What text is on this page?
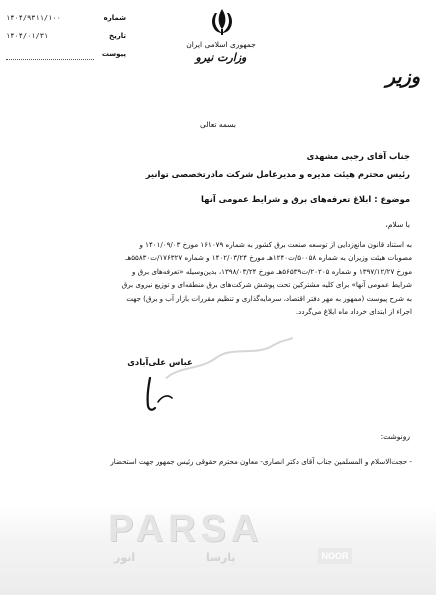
۱۴۰۴/۹۳۱۱/۱۰۰	شماره
۱۴۰۴/۰۱/۳۱	تاریخ
پیوست
جمهوری اسلامی ایران
وزارت نیرو
وزیر
بسمه تعالی
جناب آقای رجبی مشهدی
رئیس محترم هیئت مدیره و مدیرعامل شرکت مادرتخصصی توانیر
موضوع : ابلاغ تعرفه‌های برق و شرایط عمومی آنها
با سلام،
به استناد قانون مانع‌زدایی از توسعه صنعت برق کشور به شماره ۱۶۱۰۷۹ مورخ ۱۴۰۱/۰۹/۰۳ و
مصوبات هیئت وزیران به شماره ۵۰۰۵۸/ت۱۲۴۰هـ مورخ ۱۴۰۲/۰۳/۲۴ و شماره ۱۷۶۳۲۷/ت۵۵۸۳۰هـ
مورخ ۱۳۹۷/۱۲/۲۷ و شماره ۲۰۲۰۵/ت۵۶۵۳۹هـ مورخ ۱۳۹۸/۰۳/۲۴، بدین‌وسیله «تعرفه‌های برق و
شرایط عمومی آنها» برای کلیه مشترکین تحت پوشش شرکت‌های برق منطقه‌ای و توزیع نیروی برق
به شرح پیوست (ممهور به مهر دفتر اقتصاد، سرمایه‌گذاری و تنظیم مقررات بازار آب و برق) جهت
اجراء از ابتدای خرداد ماه ابلاغ می‌گردد.
عباس علی‌آبادی
رونوشت:
- حجت‌الاسلام و المسلمین جناب آقای دکتر انصاری- معاون محترم حقوقی رئیس جمهور جهت استحضار
PARSA
انور	پارسا	NOOR
